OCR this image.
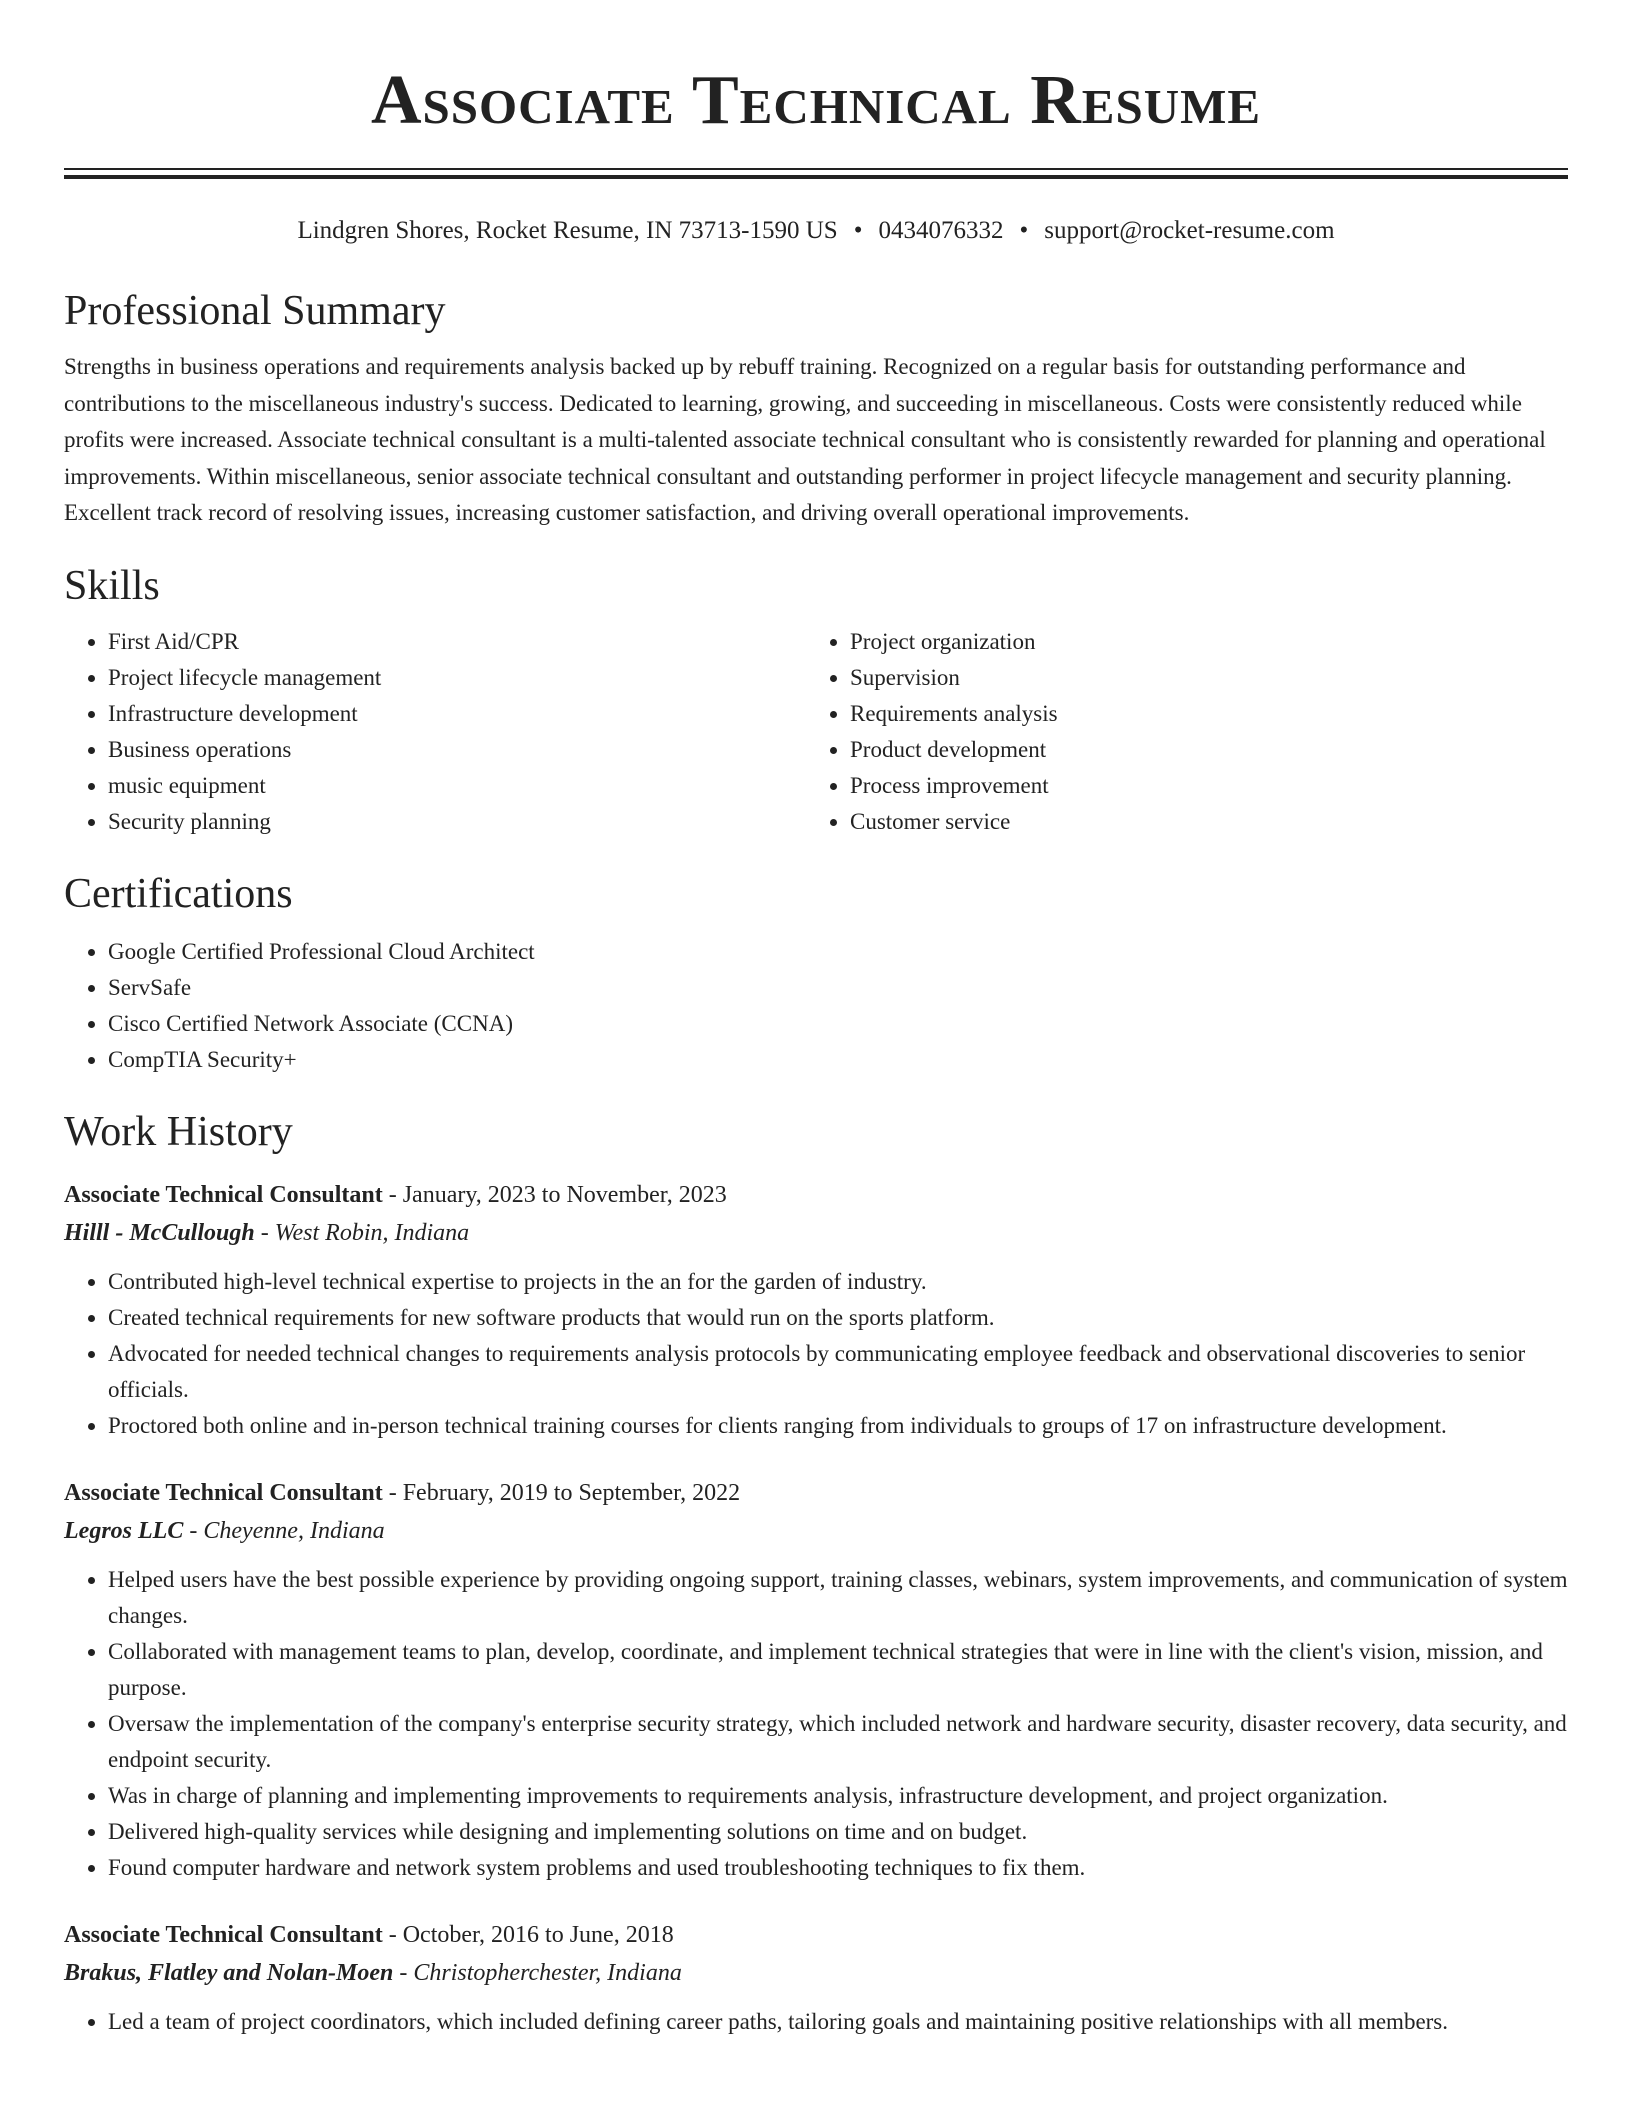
Associate Technical Resume
Lindgren Shores, Rocket Resume, IN 73713-1590 US • 0434076332 • support@rocket-resume.com
Professional Summary

Strengths in business operations and requirements analysis backed up by rebuff training. Recognized on a regular basis for outstanding performance and contributions to the miscellaneous industry's success. Dedicated to learning, growing, and succeeding in miscellaneous. Costs were consistently reduced while profits were increased. Associate technical consultant is a multi-talented associate technical consultant who is consistently rewarded for planning and operational improvements. Within miscellaneous, senior associate technical consultant and outstanding performer in project lifecycle management and security planning. Excellent track record of resolving issues, increasing customer satisfaction, and driving overall operational improvements.

Skills
• First Aid/CPR
• Project lifecycle management
• Infrastructure development
• Business operations
• music equipment
• Security planning
• Project organization
• Supervision
• Requirements analysis
• Product development
• Process improvement
• Customer service
Certifications
• Google Certified Professional Cloud Architect
• ServSafe
• Cisco Certified Network Associate (CCNA)
• CompTIA Security+
Work History
Associate Technical Consultant - January, 2023 to November, 2023
Hilll - McCullough - West Robin, Indiana
• Contributed high-level technical expertise to projects in the an for the garden of industry.
• Created technical requirements for new software products that would run on the sports platform.
• Advocated for needed technical changes to requirements analysis protocols by communicating employee feedback and observational discoveries to senior officials.
• Proctored both online and in-person technical training courses for clients ranging from individuals to groups of 17 on infrastructure development.
Associate Technical Consultant - February, 2019 to September, 2022
Legros LLC - Cheyenne, Indiana
• Helped users have the best possible experience by providing ongoing support, training classes, webinars, system improvements, and communication of system changes.
• Collaborated with management teams to plan, develop, coordinate, and implement technical strategies that were in line with the client's vision, mission, and purpose.
• Oversaw the implementation of the company's enterprise security strategy, which included network and hardware security, disaster recovery, data security, and endpoint security.
• Was in charge of planning and implementing improvements to requirements analysis, infrastructure development, and project organization.
• Delivered high-quality services while designing and implementing solutions on time and on budget.
• Found computer hardware and network system problems and used troubleshooting techniques to fix them.
Associate Technical Consultant - October, 2016 to June, 2018
Brakus, Flatley and Nolan-Moen - Christopherchester, Indiana
• Led a team of project coordinators, which included defining career paths, tailoring goals and maintaining positive relationships with all members.
